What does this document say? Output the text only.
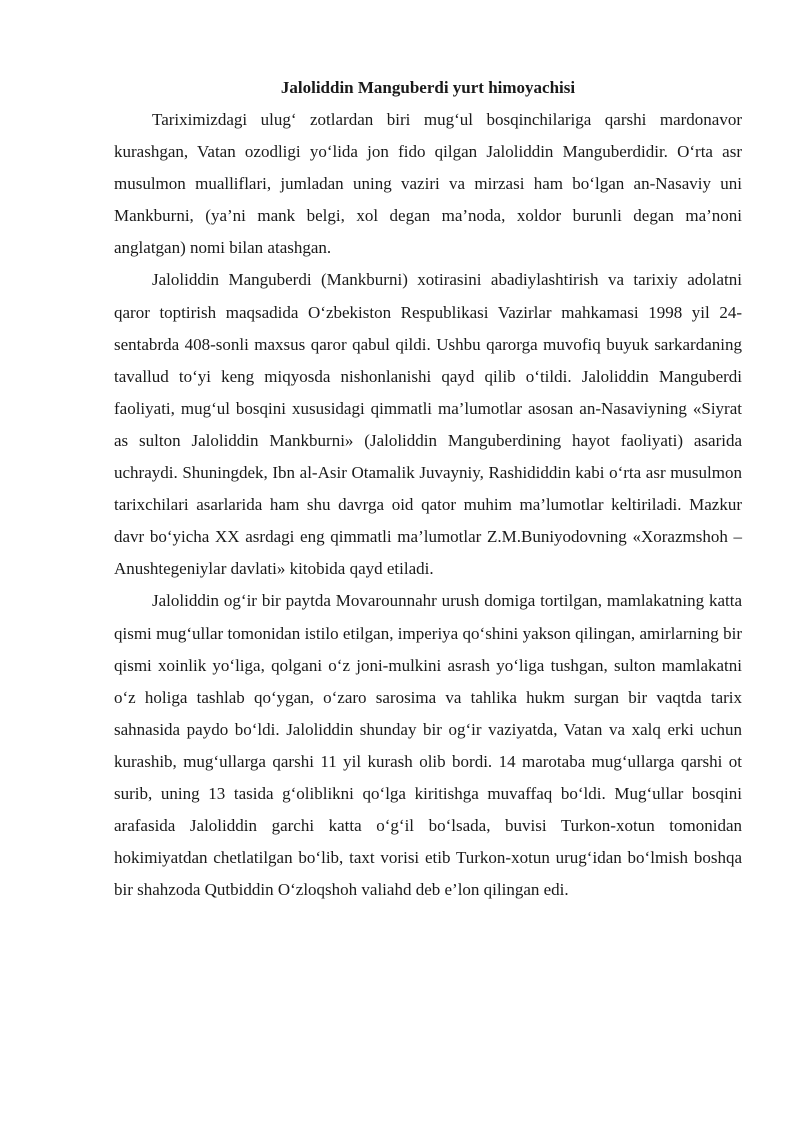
Jaloliddin Manguberdi yurt himoyachisi

Tariximizdagi ulug‘ zotlardan biri mug‘ul bosqinchilariga qarshi mardonavor kurashgan, Vatan ozodligi yo‘lida jon fido qilgan Jaloliddin Manguberdidir. O‘rta asr musulmon mualliflari, jumladan uning vaziri va mirzasi ham bo‘lgan an-Nasaviy uni Mankburni, (ya’ni mank belgi, xol degan ma’noda, xoldor burunli degan ma’noni anglatgan) nomi bilan atashgan.

Jaloliddin Manguberdi (Mankburni) xotirasini abadiylashtirish va tarixiy adolatni qaror toptirish maqsadida O‘zbekiston Respublikasi Vazirlar mahkamasi 1998 yil 24-sentabrda 408-sonli maxsus qaror qabul qildi. Ushbu qarorga muvofiq buyuk sarkardaning tavallud to‘yi keng miqyosda nishonlanishi qayd qilib o‘tildi. Jaloliddin Manguberdi faoliyati, mug‘ul bosqini xususidagi qimmatli ma’lumotlar asosan an-Nasaviyning «Siyrat as sulton Jaloliddin Mankburni» (Jaloliddin Manguberdining hayot faoliyati) asarida uchraydi. Shuningdek, Ibn al-Asir Otamalik Juvayniy, Rashididdin kabi o‘rta asr musulmon tarixchilari asarlarida ham shu davrga oid qator muhim ma’lumotlar keltiriladi. Mazkur davr bo‘yicha XX asrdagi eng qimmatli ma’lumotlar Z.M.Buniyodovning «Xorazmshoh – Anushtegeniylar davlati» kitobida qayd etiladi.

Jaloliddin og‘ir bir paytda Movarounnahr urush domiga tortilgan, mamlakatning katta qismi mug‘ullar tomonidan istilo etilgan, imperiya qo‘shini yakson qilingan, amirlarning bir qismi xoinlik yo‘liga, qolgani o‘z joni-mulkini asrash yo‘liga tushgan, sulton mamlakatni o‘z holiga tashlab qo‘ygan, o‘zaro sarosima va tahlika hukm surgan bir vaqtda tarix sahnasida paydo bo‘ldi. Jaloliddin shunday bir og‘ir vaziyatda, Vatan va xalq erki uchun kurashib, mug‘ullarga qarshi 11 yil kurash olib bordi. 14 marotaba mug‘ullarga qarshi ot surib, uning 13 tasida g‘oliblikni qo‘lga kiritishga muvaffaq bo‘ldi. Mug‘ullar bosqini arafasida Jaloliddin garchi katta o‘g‘il bo‘lsada, buvisi Turkon-xotun tomonidan hokimiyatdan chetlatilgan bo‘lib, taxt vorisi etib Turkon-xotun urug‘idan bo‘lmish boshqa bir shahzoda Qutbiddin O‘zloqshoh valiahd deb e’lon qilingan edi.
